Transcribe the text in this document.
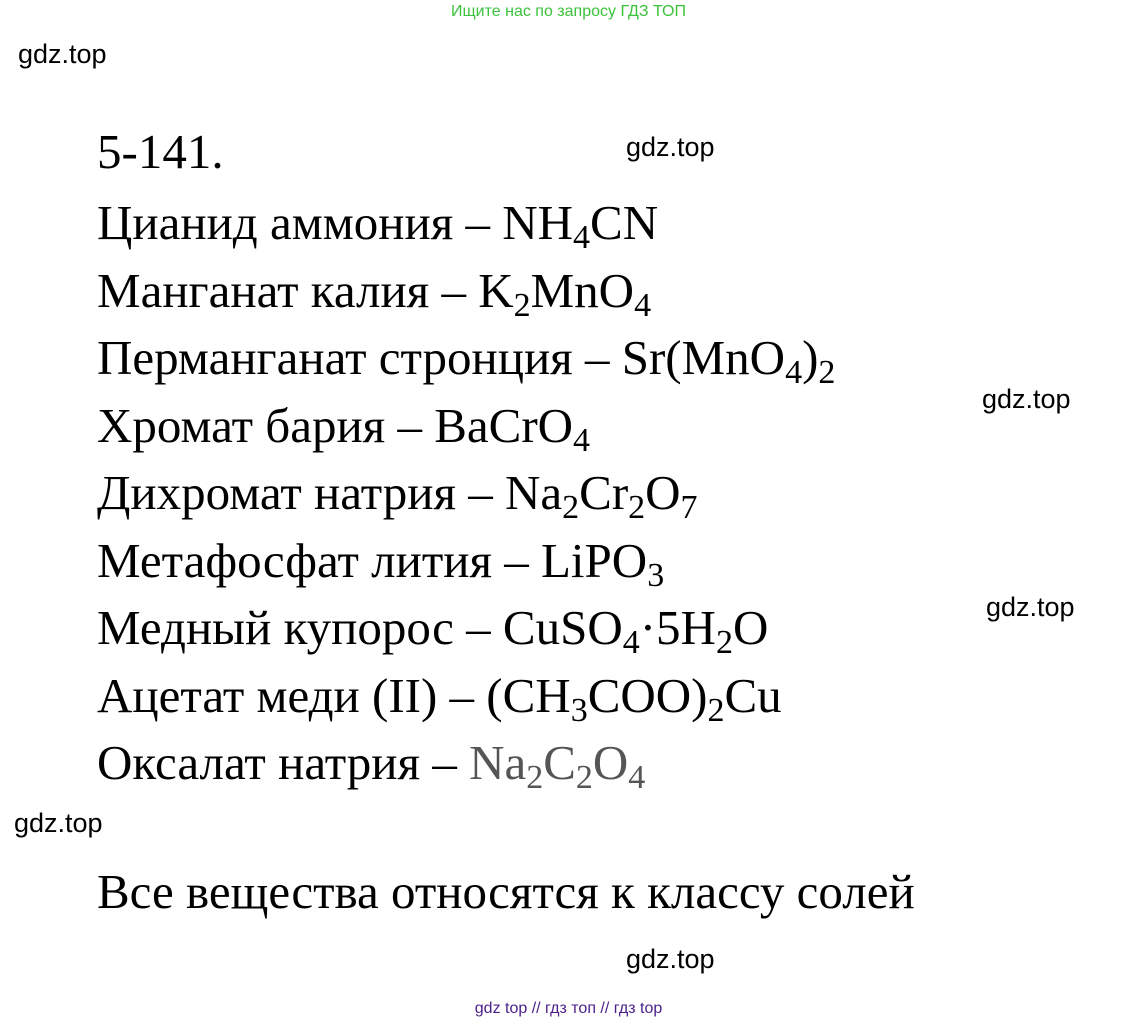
Ищите нас по запросу ГДЗ ТОП
gdz.top
gdz.top
gdz.top
gdz.top
gdz.top
gdz.top
5-141.
Цианид аммония – $NH_4CN$
Манганат калия – $K_2MnO_4$
Перманганат стронция – $Sr(MnO_4)_2$
Хромат бария – BaCrO$_4$
Дихромат натрия – $Na_2Cr_2O_7$
Метафосфат лития – LiPO$_3$
Медный купорос – $CuSO_4\cdot 5H_2O$
Ацетат меди $(II) - (CH_3COO)_2Cu$
Оксалат натрия – $Na_2C_2O_4$
Все вещества относятся к классу солей
gdz top // гдз топ // гдз top
